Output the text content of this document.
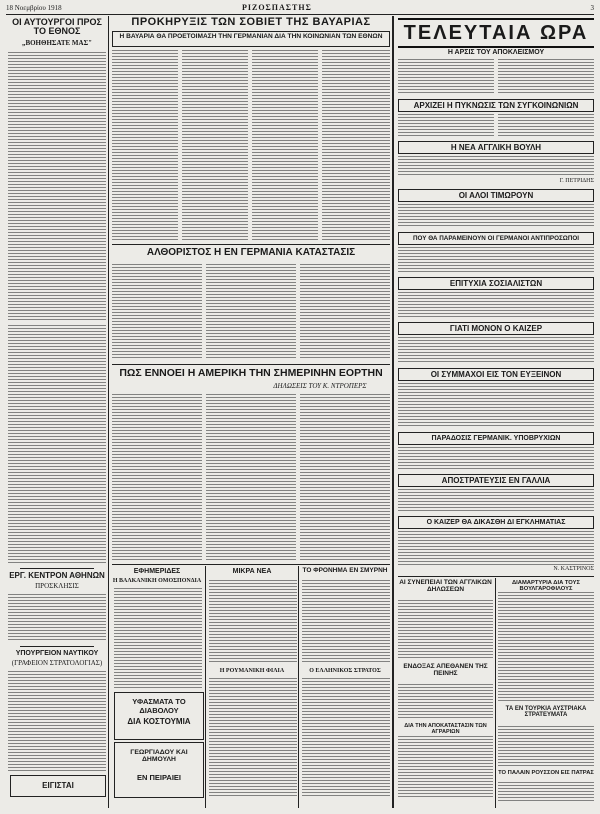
18 Νοεμβρίου 1918	ΡΙΖΟΣΠΑΣΤΗΣ	3
ΟΙ ΑΥΤΟΥΡΓΟΙ ΠΡΟΣ ΤΟ ΕΘΝΟΣ
„ΒΟΗΘΗΣΑΤΕ ΜΑΣ"
ΕΡΓ. ΚΕΝΤΡΟΝ ΑΘΗΝΩΝ
ΠΡΟΣΚΛΗΣΙΣ
ΥΠΟΥΡΓΕΙΟΝ ΝΑΥΤΙΚΟΥ
(ΓΡΑΦΕΙΟΝ ΣΤΡΑΤΟΛΟΓΙΑΣ)
ΕΙΓΙΣΤΑΙ
ΠΡΟΚΗΡΥΞΙΣ ΤΩΝ ΣΟΒΙΕΤ ΤΗΣ ΒΑΥΑΡΙΑΣ
Η ΒΑΥΑΡΙΑ ΘΑ ΠΡΟΕΤΟΙΜΑΣΗ ΤΗΝ ΓΕΡΜΑΝΙΑΝ ΔΙΑ ΤΗΝ ΚΟΙΝΩΝΙΑΝ ΤΩΝ ΕΘΝΩΝ
ΑΛΘΟΡΙΣΤΟΣ Η ΕΝ ΓΕΡΜΑΝΙΑ ΚΑΤΑΣΤΑΣΙΣ
ΠΩΣ ΕΝΝΟΕΙ Η ΑΜΕΡΙΚΗ ΤΗΝ ΣΗΜΕΡΙΝΗΝ ΕΟΡΤΗΝ
ΔΗΛΩΣΕΙΣ ΤΟΥ Κ. ΝΤΡΟΠΕΡΣ
ΕΦΗΜΕΡΙΔΕΣ
Η ΒΑΛΚΑΝΙΚΗ ΟΜΟΣΠΟΝΔΙΑ
ΥΦΑΣΜΑΤΑ ΤΟ ΔΙΑΒΟΛΟΥ
ΔΙΑ ΚΟΣΤΟΥΜΙΑ
ΓΕΩΡΓΙΑΔΟΥ ΚΑΙ ΔΗΜΟΥΛΗ
ΕΝ ΠΕΙΡΑΙΕΙ
ΜΙΚΡΑ ΝΕΑ
Η ΡΟΥΜΑΝΙΚΗ ΦΙΛΙΑ
ΤΟ ΦΡΟΝΗΜΑ ΕΝ ΣΜΥΡΝΗ
Ο ΕΛΛΗΝΙΚΟΣ ΣΤΡΑΤΟΣ
ΤΕΛΕΥΤΑΙΑ ΩΡΑ
Η ΑΡΣΙΣ ΤΟΥ ΑΠΟΚΛΕΙΣΜΟΥ
ΑΡΧΙΖΕΙ Η ΠΥΚΝΩΣΙΣ ΤΩΝ ΣΥΓΚΟΙΝΩΝΙΩΝ
Η ΝΕΑ ΑΓΓΛΙΚΗ ΒΟΥΛΗ
Γ. ΠΕΤΡΙΔΗΣ
ΟΙ ΑΛΟΙ ΤΙΜΩΡΟΥΝ
ΠΟΥ ΘΑ ΠΑΡΑΜΕΙΝΟΥΝ ΟΙ ΓΕΡΜΑΝΟΙ ΑΝΤΙΠΡΟΣΩΠΟΙ
ΕΠΙΤΥΧΙΑ ΣΟΣΙΑΛΙΣΤΩΝ
ΓΙΑΤΙ ΜΟΝΟΝ Ο ΚΑΙΖΕΡ
ΟΙ ΣΥΜΜΑΧΟΙ ΕΙΣ ΤΟΝ ΕΥΞΕΙΝΟΝ
ΠΑΡΑΔΟΣΙΣ ΓΕΡΜΑΝΙΚ. ΥΠΟΒΡΥΧΙΩΝ
ΑΠΟΣΤΡΑΤΕΥΣΙΣ ΕΝ ΓΑΛΛΙΑ
Ο ΚΑΙΖΕΡ ΘΑ ΔΙΚΑΣΘΗ ΔΙ ΕΓΚΛΗΜΑΤΙΑΣ
Ν. ΚΑΣΤΡΙΝΟΣ
ΑΙ ΣΥΝΕΠΕΙΑΙ ΤΩΝ ΑΓΓΛΙΚΩΝ ΔΗΛΩΣΕΩΝ
ΕΝΔΟΞΑΣ ΑΠΕΘΑΝΕΝ ΤΗΣ ΠΕΙΝΗΣ
ΔΙΑ ΤΗΝ ΑΠΟΚΑΤΑΣΤΑΣΙΝ ΤΩΝ ΑΓΡΑΡΙΩΝ
ΔΙΑΜΑΡΤΥΡΙΑ ΔΙΑ ΤΟΥΣ ΒΟΥΛΓΑΡΟΦΙΛΟΥΣ
ΤΑ ΕΝ ΤΟΥΡΚΙΑ ΑΥΣΤΡΙΑΚΑ ΣΤΡΑΤΕΥΜΑΤΑ
ΤΟ ΠΑΛΑΙΝ ΡΟΥΣΣΟΝ ΕΙΣ ΠΑΤΡΑΣ
